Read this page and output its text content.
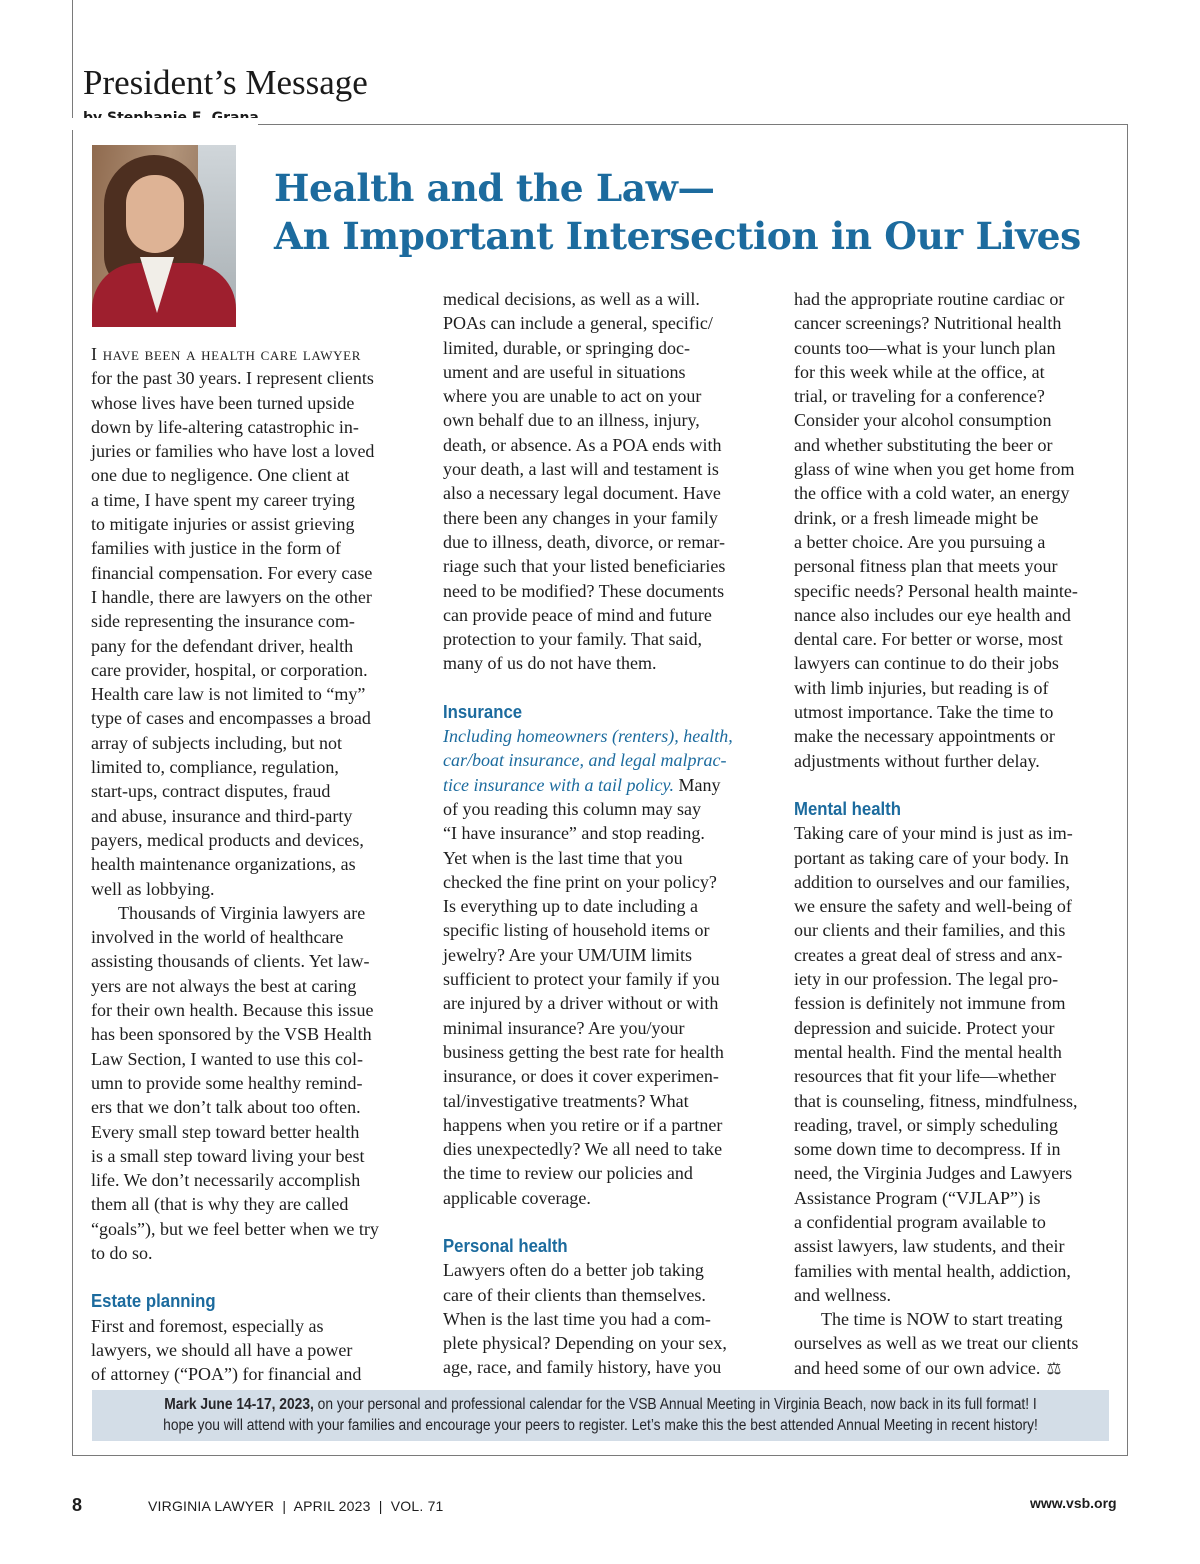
President’s Message
Health and the Law—
An Important Intersection in Our Lives

I have been a health care lawyer
for the past 30 years. I represent clients
whose lives have been turned upside
down by life-altering catastrophic in-
juries or families who have lost a loved
one due to negligence. One client at
a time, I have spent my career trying
to mitigate injuries or assist grieving
families with justice in the form of
financial compensation. For every case
I handle, there are lawyers on the other
side representing the insurance com-
pany for the defendant driver, health
care provider, hospital, or corporation.
Health care law is not limited to “my”
type of cases and encompasses a broad
array of subjects including, but not
limited to, compliance, regulation,
start-ups, contract disputes, fraud
and abuse, insurance and third-party
payers, medical products and devices,
health maintenance organizations, as
well as lobbying.

Thousands of Virginia lawyers are
involved in the world of healthcare
assisting thousands of clients. Yet law-
yers are not always the best at caring
for their own health. Because this issue
has been sponsored by the VSB Health
Law Section, I wanted to use this col-
umn to provide some healthy remind-
ers that we don’t talk about too often.
Every small step toward better health
is a small step toward living your best
life. We don’t necessarily accomplish
them all (that is why they are called
“goals”), but we feel better when we try
to do so.

Estate planning

First and foremost, especially as
lawyers, we should all have a power
of attorney (“POA”) for financial and

medical decisions, as well as a will.
POAs can include a general, specific/
limited, durable, or springing doc-
ument and are useful in situations
where you are unable to act on your
own behalf due to an illness, injury,
death, or absence. As a POA ends with
your death, a last will and testament is
also a necessary legal document. Have
there been any changes in your family
due to illness, death, divorce, or remar-
riage such that your listed beneficiaries
need to be modified? These documents
can provide peace of mind and future
protection to your family. That said,
many of us do not have them.

Insurance

Including homeowners (renters), health,
car/boat insurance, and legal malprac-
tice insurance with a tail policy. Many
of you reading this column may say
“I have insurance” and stop reading.
Yet when is the last time that you
checked the fine print on your policy?
Is everything up to date including a
specific listing of household items or
jewelry? Are your UM/UIM limits
sufficient to protect your family if you
are injured by a driver without or with
minimal insurance? Are you/your
business getting the best rate for health
insurance, or does it cover experimen-
tal/investigative treatments? What
happens when you retire or if a partner
dies unexpectedly? We all need to take
the time to review our policies and
applicable coverage.

Personal health

Lawyers often do a better job taking
care of their clients than themselves.
When is the last time you had a com-
plete physical? Depending on your sex,
age, race, and family history, have you

had the appropriate routine cardiac or
cancer screenings? Nutritional health
counts too—what is your lunch plan
for this week while at the office, at
trial, or traveling for a conference?
Consider your alcohol consumption
and whether substituting the beer or
glass of wine when you get home from
the office with a cold water, an energy
drink, or a fresh limeade might be
a better choice. Are you pursuing a
personal fitness plan that meets your
specific needs? Personal health mainte-
nance also includes our eye health and
dental care. For better or worse, most
lawyers can continue to do their jobs
with limb injuries, but reading is of
utmost importance. Take the time to
make the necessary appointments or
adjustments without further delay.

Mental health

Taking care of your mind is just as im-
portant as taking care of your body. In
addition to ourselves and our families,
we ensure the safety and well-being of
our clients and their families, and this
creates a great deal of stress and anx-
iety in our profession. The legal pro-
fession is definitely not immune from
depression and suicide. Protect your
mental health. Find the mental health
resources that fit your life—whether
that is counseling, fitness, mindfulness,
reading, travel, or simply scheduling
some down time to decompress. If in
need, the Virginia Judges and Lawyers
Assistance Program (“VJLAP”) is
a confidential program available to
assist lawyers, law students, and their
families with mental health, addiction,
and wellness.

The time is NOW to start treating
ourselves as well as we treat our clients
and heed some of our own advice. ⚖

Mark June 14-17, 2023, on your personal and professional calendar for the VSB Annual Meeting in Virginia Beach, now back in its full format! I
hope you will attend with your families and encourage your peers to register. Let’s make this the best attended Annual Meeting in recent history!
8	VIRGINIA LAWYER  |  APRIL 2023  |  VOL. 71	www.vsb.org
